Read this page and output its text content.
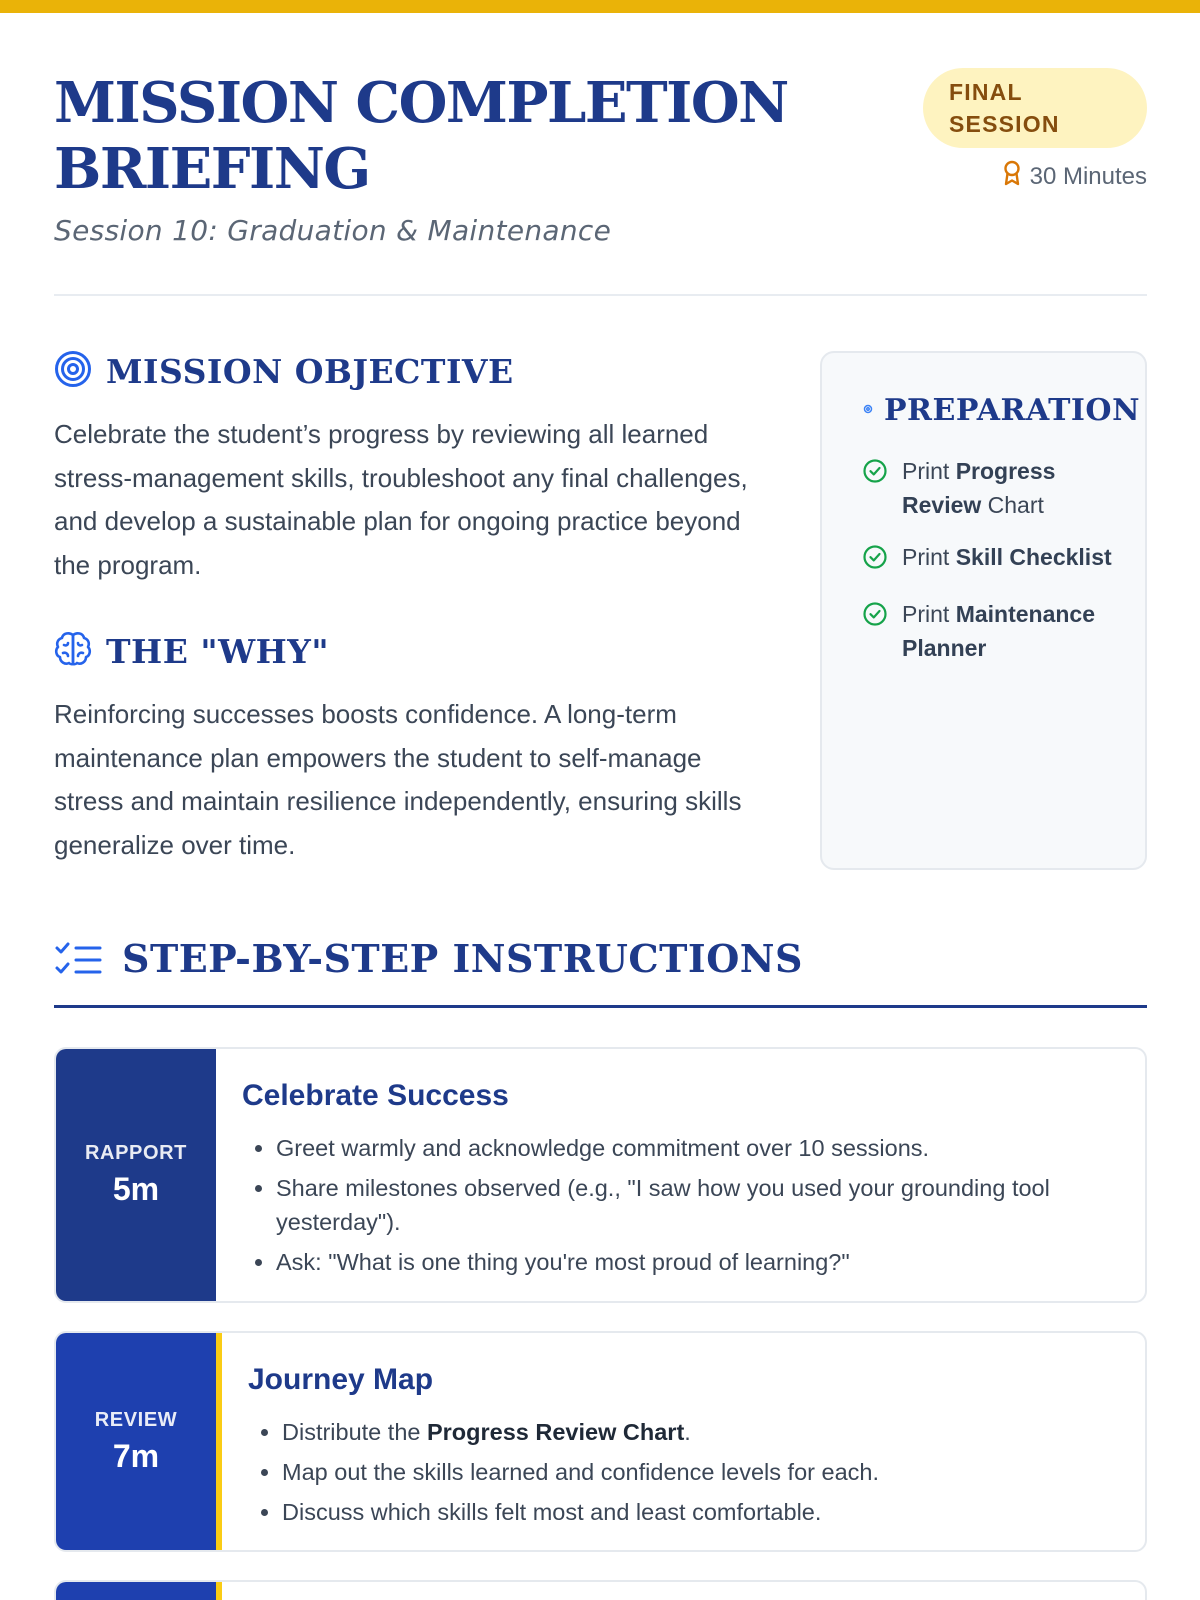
MISSION COMPLETION BRIEFING
Session 10: Graduation & Maintenance
FINAL SESSION
30 Minutes
MISSION OBJECTIVE

Celebrate the student’s progress by reviewing all learned stress-management skills, troubleshoot any final challenges, and develop a sustainable plan for ongoing practice beyond the program.

THE "WHY"

Reinforcing successes boosts confidence. A long-term maintenance plan empowers the student to self-manage stress and maintain resilience independently, ensuring skills generalize over time.

PREPARATION
Print Progress Review Chart
Print Skill Checklist
Print Maintenance Planner
STEP-BY-STEP INSTRUCTIONS
RAPPORT
5m
Celebrate Success
• Greet warmly and acknowledge commitment over 10 sessions.
• Share milestones observed (e.g., "I saw how you used your grounding tool yesterday").
• Ask: "What is one thing you're most proud of learning?"
REVIEW
7m
Journey Map
• Distribute the Progress Review Chart.
• Map out the skills learned and confidence levels for each.
• Discuss which skills felt most and least comfortable.
